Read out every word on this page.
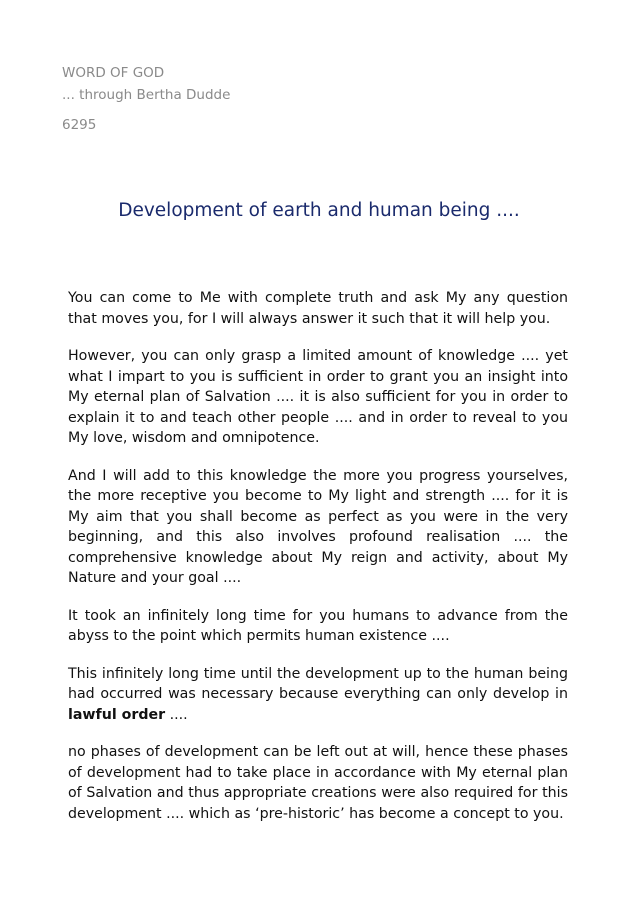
WORD OF GOD
... through Bertha Dudde
6295
Development of earth and human being ....

You can come to Me with complete truth and ask My any question that moves you, for I will always answer it such that it will help you.

However, you can only grasp a limited amount of knowledge .... yet what I impart to you is sufficient in order to grant you an insight into My eternal plan of Salvation .... it is also sufficient for you in order to explain it to and teach other people .... and in order to reveal to you My love, wisdom and omnipotence.

And I will add to this knowledge the more you progress yourselves, the more receptive you become to My light and strength .... for it is My aim that you shall become as perfect as you were in the very beginning, and this also involves profound realisation .... the comprehensive knowledge about My reign and activity, about My Nature and your goal ....

It took an infinitely long time for you humans to advance from the abyss to the point which permits human existence ....

This infinitely long time until the development up to the human being had occurred was necessary because everything can only develop in lawful order ....

no phases of development can be left out at will, hence these phases of development had to take place in accordance with My eternal plan of Salvation and thus appropriate creations were also required for this development .... which as ‘pre-historic’ has become a concept to you.
